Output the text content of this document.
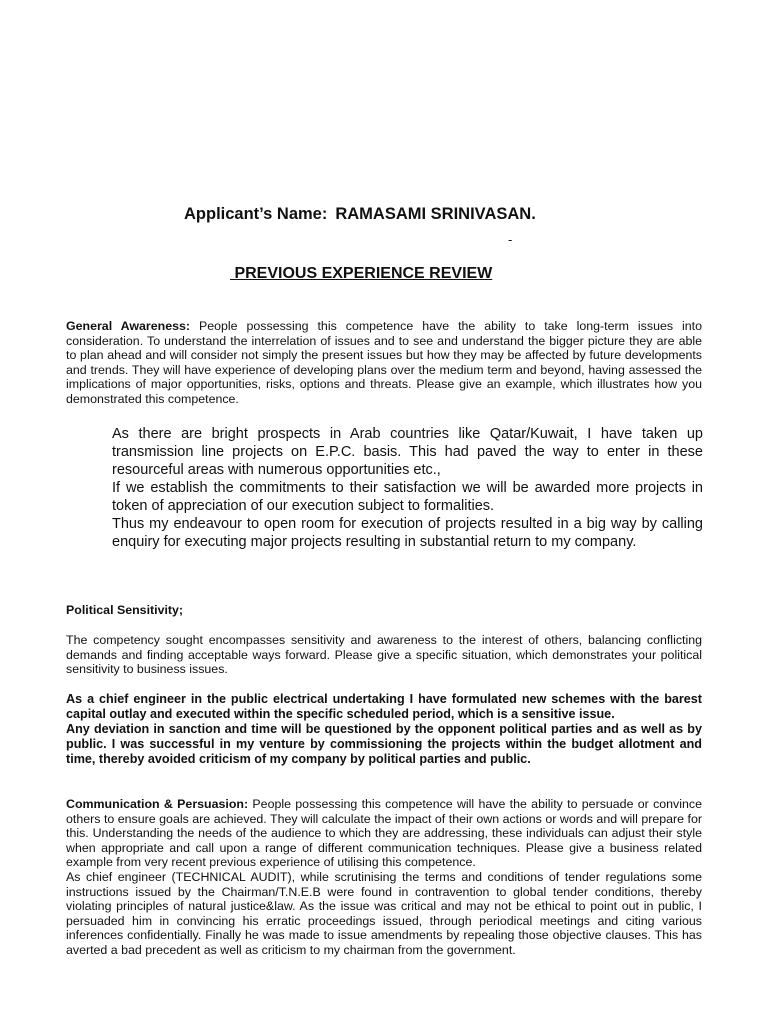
Applicant’s Name: RAMASAMI SRINIVASAN.
-
PREVIOUS EXPERIENCE REVIEW

General Awareness: People possessing this competence have the ability to take long-term issues into consideration. To understand the interrelation of issues and to see and understand the bigger picture they are able to plan ahead and will consider not simply the present issues but how they may be affected by future developments and trends. They will have experience of developing plans over the medium term and beyond, having assessed the implications of major opportunities, risks, options and threats. Please give an example, which illustrates how you demonstrated this competence.

As there are bright prospects in Arab countries like Qatar/Kuwait, I have taken up transmission line projects on E.P.C. basis. This had paved the way to enter in these resourceful areas with numerous opportunities etc.,

If we establish the commitments to their satisfaction we will be awarded more projects in token of appreciation of our execution subject to formalities.

Thus my endeavour to open room for execution of projects resulted in a big way by calling enquiry for executing major projects resulting in substantial return to my company.

Political Sensitivity;

The competency sought encompasses sensitivity and awareness to the interest of others, balancing conflicting demands and finding acceptable ways forward. Please give a specific situation, which demonstrates your political sensitivity to business issues.

As a chief engineer in the public electrical undertaking I have formulated new schemes with the barest capital outlay and executed within the specific scheduled period, which is a sensitive issue.

Any deviation in sanction and time will be questioned by the opponent political parties and as well as by public. I was successful in my venture by commissioning the projects within the budget allotment and time, thereby avoided criticism of my company by political parties and public.

Communication & Persuasion: People possessing this competence will have the ability to persuade or convince others to ensure goals are achieved. They will calculate the impact of their own actions or words and will prepare for this. Understanding the needs of the audience to which they are addressing, these individuals can adjust their style when appropriate and call upon a range of different communication techniques. Please give a business related example from very recent previous experience of utilising this competence.

As chief engineer (TECHNICAL AUDIT), while scrutinising the terms and conditions of tender regulations some instructions issued by the Chairman/T.N.E.B were found in contravention to global tender conditions, thereby violating principles of natural justice&law. As the issue was critical and may not be ethical to point out in public, I persuaded him in convincing his erratic proceedings issued, through periodical meetings and citing various inferences confidentially. Finally he was made to issue amendments by repealing those objective clauses. This has averted a bad precedent as well as criticism to my chairman from the government.
